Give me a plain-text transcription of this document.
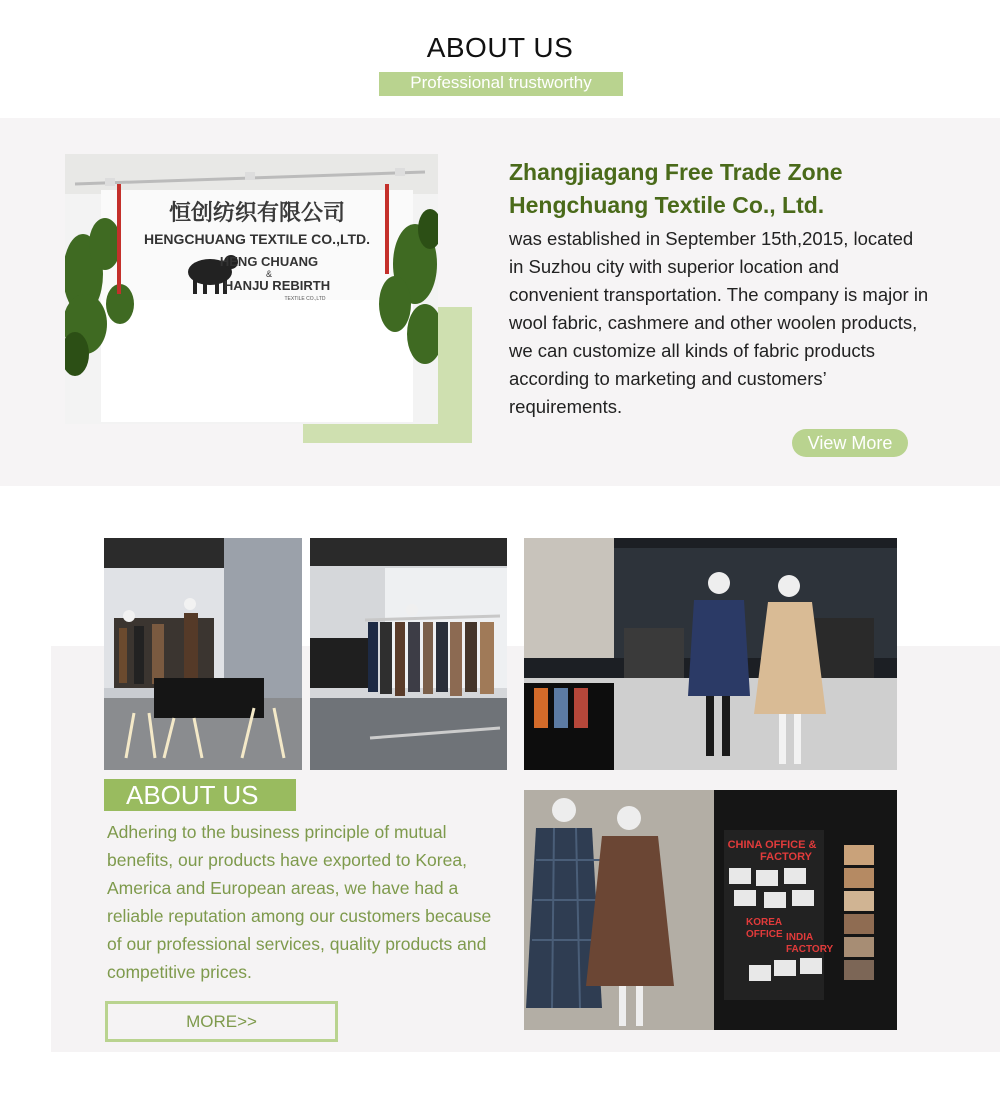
ABOUT US
Professional trustworthy
恒创纺织有限公司
HENGCHUANG TEXTILE CO.,LTD.
HENG CHUANG
&
HANJU REBIRTH
TEXTILE CO.,LTD
Zhangjiagang Free Trade Zone Hengchuang Textile Co., Ltd.
was established in September 15th,2015, located in Suzhou city with superior location and convenient transportation. The company is major in wool fabric, cashmere and other woolen products, we can customize all kinds of fabric products according to marketing and customers’ requirements.
View More
ABOUT US
Adhering to the business principle of mutual benefits, our products have exported to Korea, America and European areas, we have had a reliable reputation among our customers because of our professional services, quality products and competitive prices.
MORE>>
CHINA OFFICE &
FACTORY
KOREA
OFFICE INDIA
FACTORY
